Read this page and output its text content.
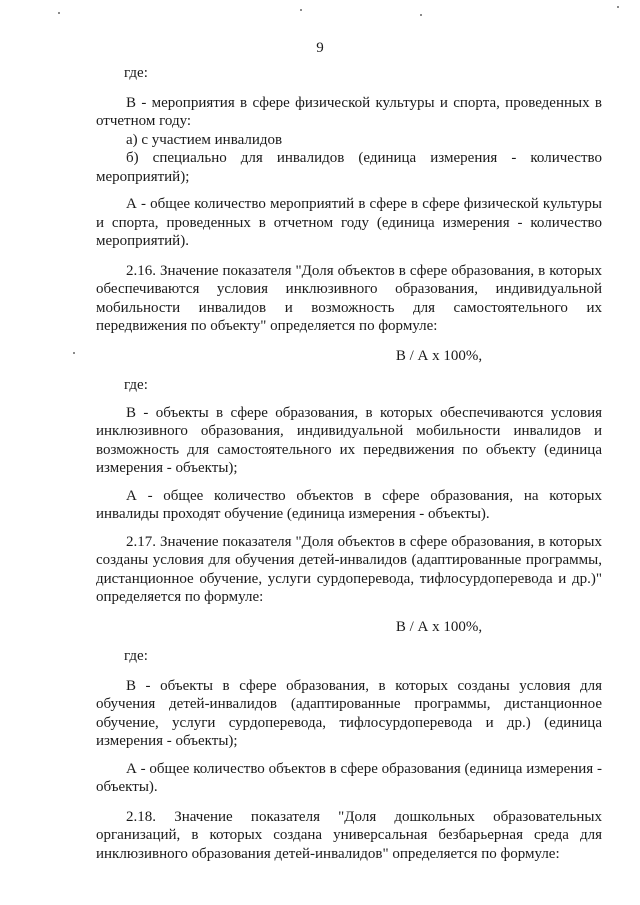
9

где:

В - мероприятия в сфере физической культуры и спорта, проведенных в отчетном году:

а) с участием инвалидов

б) специально для инвалидов (единица измерения - количество мероприятий);

А - общее количество мероприятий в сфере в сфере физической культуры и спорта, проведенных в отчетном году (единица измерения - количество мероприятий).

2.16. Значение показателя "Доля объектов в сфере образования, в которых обеспечиваются условия инклюзивного образования, индивидуальной мобильности инвалидов и возможность для самостоятельного их передвижения по объекту" определяется по формуле:

В / А х 100%,

где:

В - объекты в сфере образования, в которых обеспечиваются условия инклюзивного образования, индивидуальной мобильности инвалидов и возможность для самостоятельного их передвижения по объекту (единица измерения - объекты);

А - общее количество объектов в сфере образования, на которых инвалиды проходят обучение (единица измерения - объекты).

2.17. Значение показателя "Доля объектов в сфере образования, в которых созданы условия для обучения детей-инвалидов (адаптированные программы, дистанционное обучение, услуги сурдоперевода, тифлосурдоперевода и др.)" определяется по формуле:

В / А х 100%,

где:

В - объекты в сфере образования, в которых созданы условия для обучения детей-инвалидов (адаптированные программы, дистанционное обучение, услуги сурдоперевода, тифлосурдоперевода и др.) (единица измерения - объекты);

А - общее количество объектов в сфере образования (единица измерения - объекты).

2.18. Значение показателя "Доля дошкольных образовательных организаций, в которых создана универсальная безбарьерная среда для инклюзивного образования детей-инвалидов" определяется по формуле:
